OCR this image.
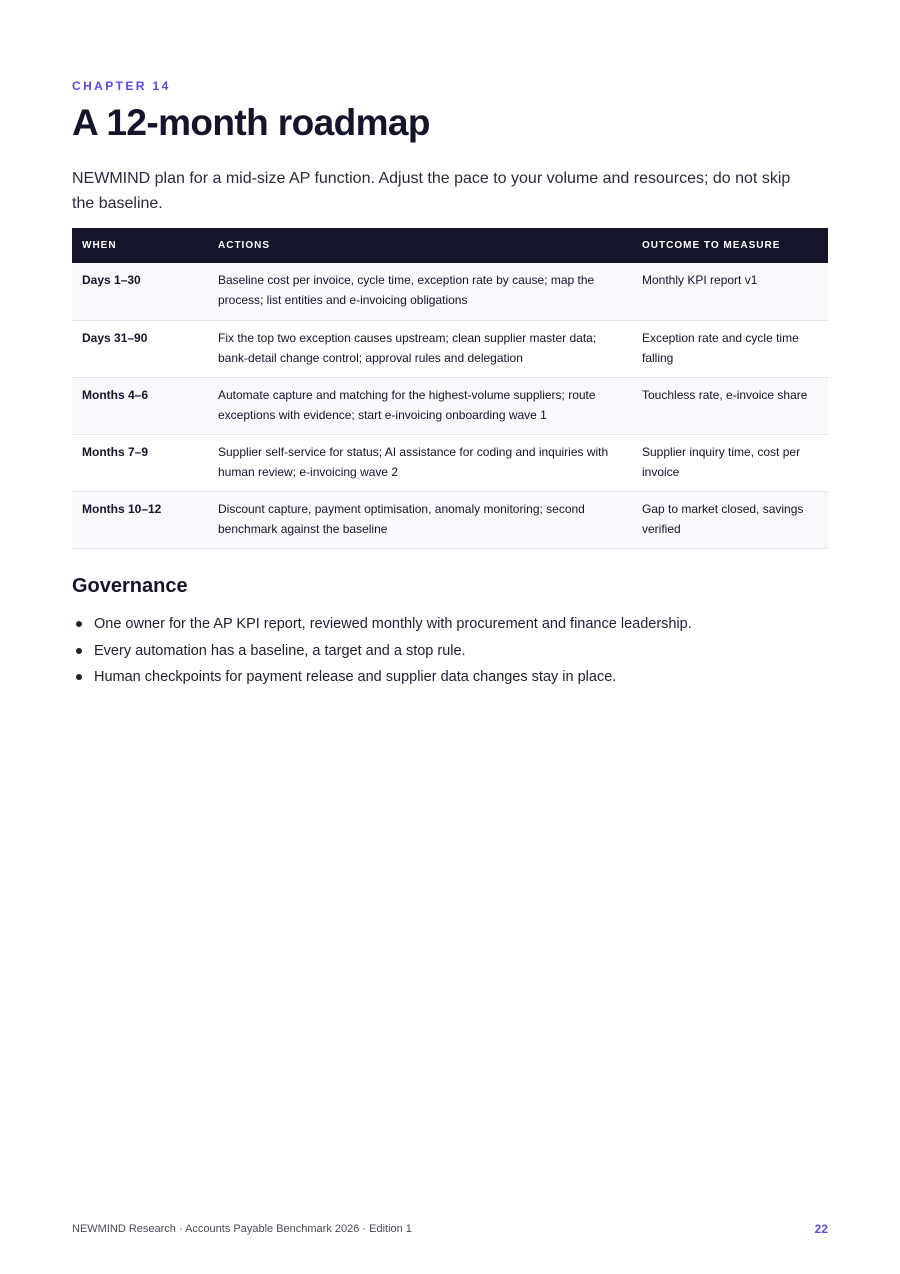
CHAPTER 14
A 12-month roadmap

NEWMIND plan for a mid-size AP function. Adjust the pace to your volume and resources; do not skip the baseline.

WHEN	ACTIONS	OUTCOME TO MEASURE
Days 1–30	Baseline cost per invoice, cycle time, exception rate by cause; map the process; list entities and e-invoicing obligations	Monthly KPI report v1
Days 31–90	Fix the top two exception causes upstream; clean supplier master data; bank-detail change control; approval rules and delegation	Exception rate and cycle time falling
Months 4–6	Automate capture and matching for the highest-volume suppliers; route exceptions with evidence; start e-invoicing onboarding wave 1	Touchless rate, e-invoice share
Months 7–9	Supplier self-service for status; AI assistance for coding and inquiries with human review; e-invoicing wave 2	Supplier inquiry time, cost per invoice
Months 10–12	Discount capture, payment optimisation, anomaly monitoring; second benchmark against the baseline	Gap to market closed, savings verified
Governance
One owner for the AP KPI report, reviewed monthly with procurement and finance leadership.
Every automation has a baseline, a target and a stop rule.
Human checkpoints for payment release and supplier data changes stay in place.
NEWMIND Research · Accounts Payable Benchmark 2026 · Edition 1	22
